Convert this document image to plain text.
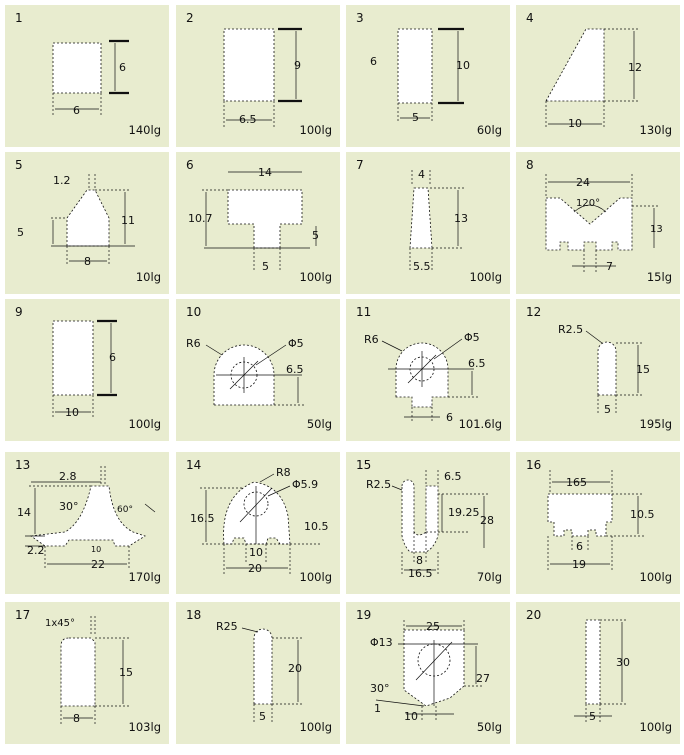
1
6
6
140lg
2
9
6.5
100lg
3
6	10
5
60lg
4
12
10	130lg
5
1.2
11
5
8
10lg
6
14
10.7
5
5
100lg
7
4
13
5.5
100lg
8
24
120°
13
7
15lg
9
6
10
100lg
10
R6	Φ5
6.5
50lg
11
R6	Φ5
6.5
6 101.6lg
12
R2.5
15
5
195lg
13
2.8
14	30°	60°
2.2	10
22
170lg
14
R8
Φ5.9
16.5
10.5
10
20
100lg
15
R2.5
6.5
19.25
28
8
16.5	70lg
16
165
10.5
6
19
100lg
17
1x45°
15
8
103lg
18
R25
20
5
100lg
19
Φ13
25
27
30°
1
10
50lg
20
30
5
100lg
